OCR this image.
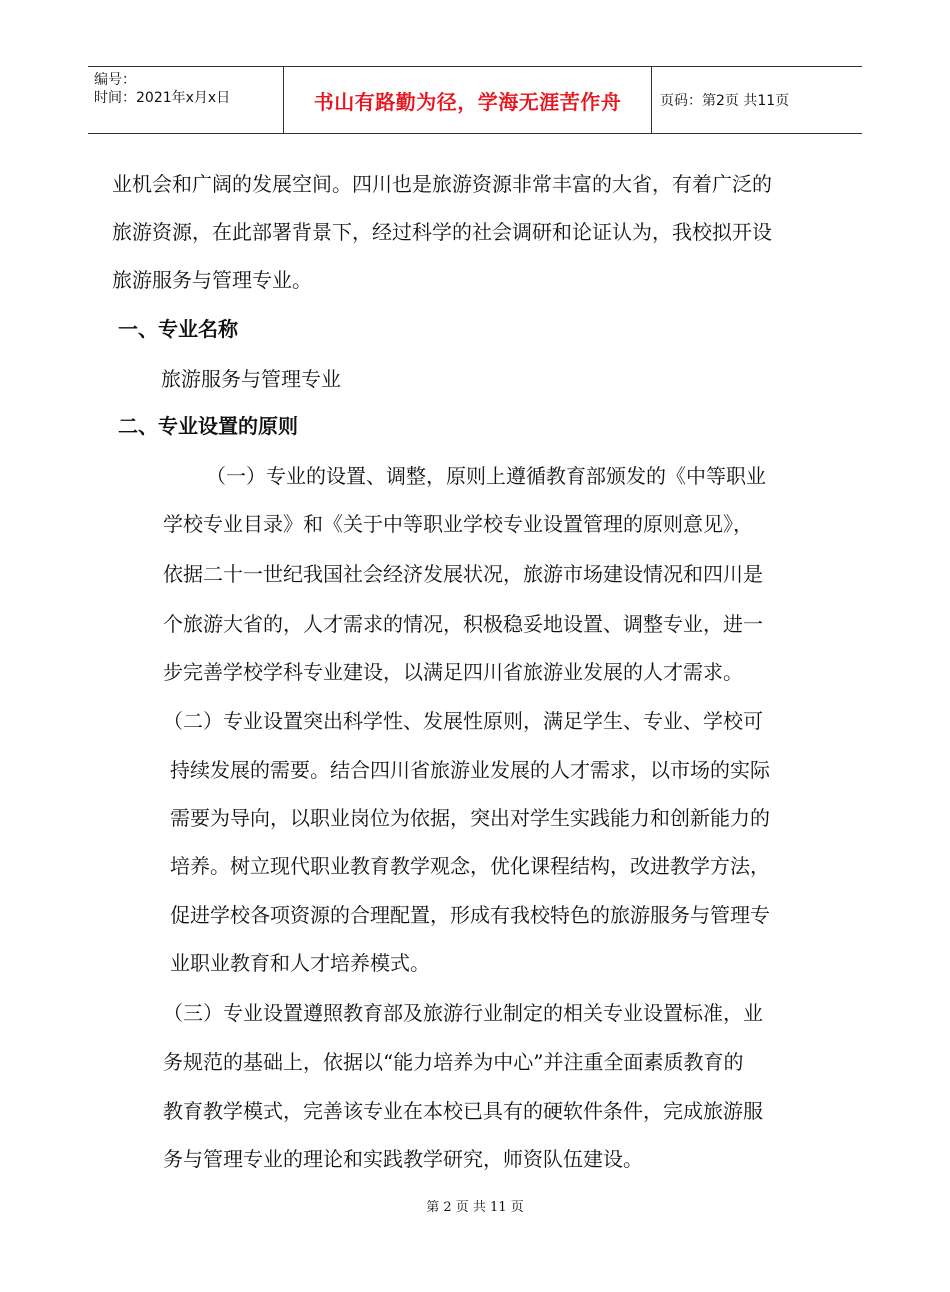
编号：
时间：2021年x月x日	书山有路勤为径，学海无涯苦作舟	页码：第2页 共11页
业机会和广阔的发展空间。四川也是旅游资源非常丰富的大省，有着广泛的
旅游资源，在此部署背景下，经过科学的社会调研和论证认为，我校拟开设
旅游服务与管理专业。
一、专业名称
旅游服务与管理专业
二、专业设置的原则
（一）专业的设置、调整，原则上遵循教育部颁发的《中等职业
学校专业目录》和《关于中等职业学校专业设置管理的原则意见》，
依据二十一世纪我国社会经济发展状况，旅游市场建设情况和四川是
个旅游大省的，人才需求的情况，积极稳妥地设置、调整专业，进一
步完善学校学科专业建设，以满足四川省旅游业发展的人才需求。
（二）专业设置突出科学性、发展性原则，满足学生、专业、学校可
持续发展的需要。结合四川省旅游业发展的人才需求，以市场的实际
需要为导向，以职业岗位为依据，突出对学生实践能力和创新能力的
培养。树立现代职业教育教学观念，优化课程结构，改进教学方法，
促进学校各项资源的合理配置，形成有我校特色的旅游服务与管理专
业职业教育和人才培养模式。
（三）专业设置遵照教育部及旅游行业制定的相关专业设置标准，业
务规范的基础上，依据以“能力培养为中心”并注重全面素质教育的
教育教学模式，完善该专业在本校已具有的硬软件条件，完成旅游服
务与管理专业的理论和实践教学研究，师资队伍建设。
第 2 页 共 11 页
